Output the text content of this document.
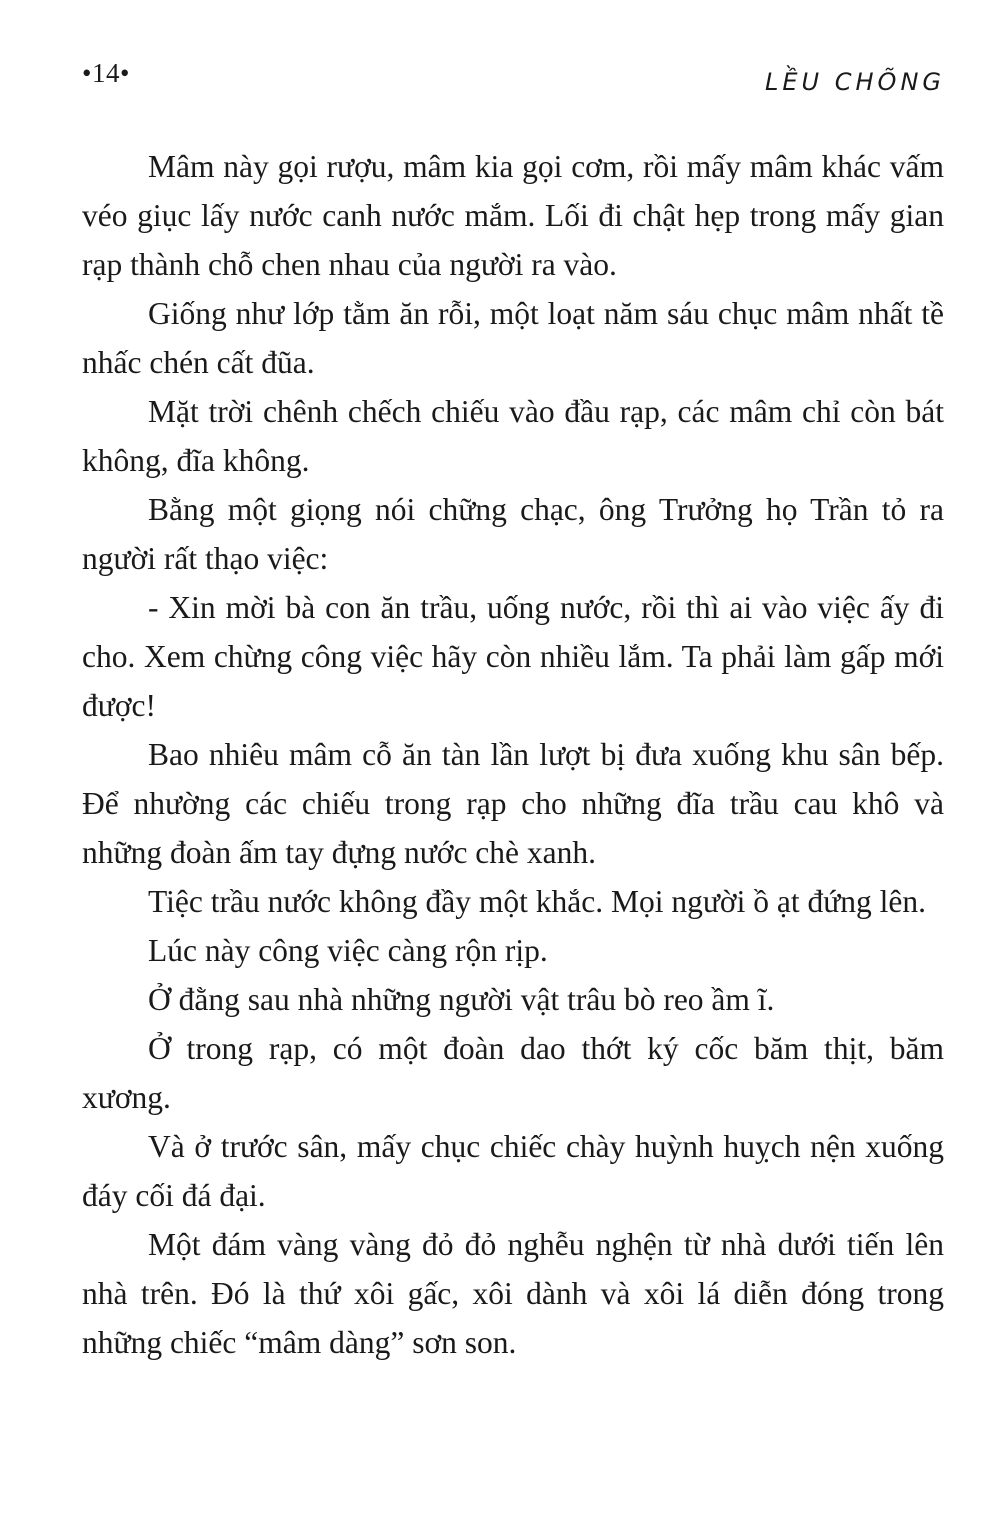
•14•	LỀU CHÕNG

Mâm này gọi rượu, mâm kia gọi cơm, rồi mấy mâm khác vấm véo giục lấy nước canh nước mắm. Lối đi chật hẹp trong mấy gian rạp thành chỗ chen nhau của người ra vào.

Giống như lớp tằm ăn rỗi, một loạt năm sáu chục mâm nhất tề nhấc chén cất đũa.

Mặt trời chênh chếch chiếu vào đầu rạp, các mâm chỉ còn bát không, đĩa không.

Bằng một giọng nói chững chạc, ông Trưởng họ Trần tỏ ra người rất thạo việc:

- Xin mời bà con ăn trầu, uống nước, rồi thì ai vào việc ấy đi cho. Xem chừng công việc hãy còn nhiều lắm. Ta phải làm gấp mới được!

Bao nhiêu mâm cỗ ăn tàn lần lượt bị đưa xuống khu sân bếp. Để nhường các chiếu trong rạp cho những đĩa trầu cau khô và những đoàn ấm tay đựng nước chè xanh.

Tiệc trầu nước không đầy một khắc. Mọi người ồ ạt đứng lên.

Lúc này công việc càng rộn rịp.

Ở đằng sau nhà những người vật trâu bò reo ầm ĩ.

Ở trong rạp, có một đoàn dao thớt ký cốc băm thịt, băm xương.

Và ở trước sân, mấy chục chiếc chày huỳnh huỵch nện xuống đáy cối đá đại.

Một đám vàng vàng đỏ đỏ nghễu nghện từ nhà dưới tiến lên nhà trên. Đó là thứ xôi gấc, xôi dành và xôi lá diễn đóng trong những chiếc “mâm dàng” sơn son.
